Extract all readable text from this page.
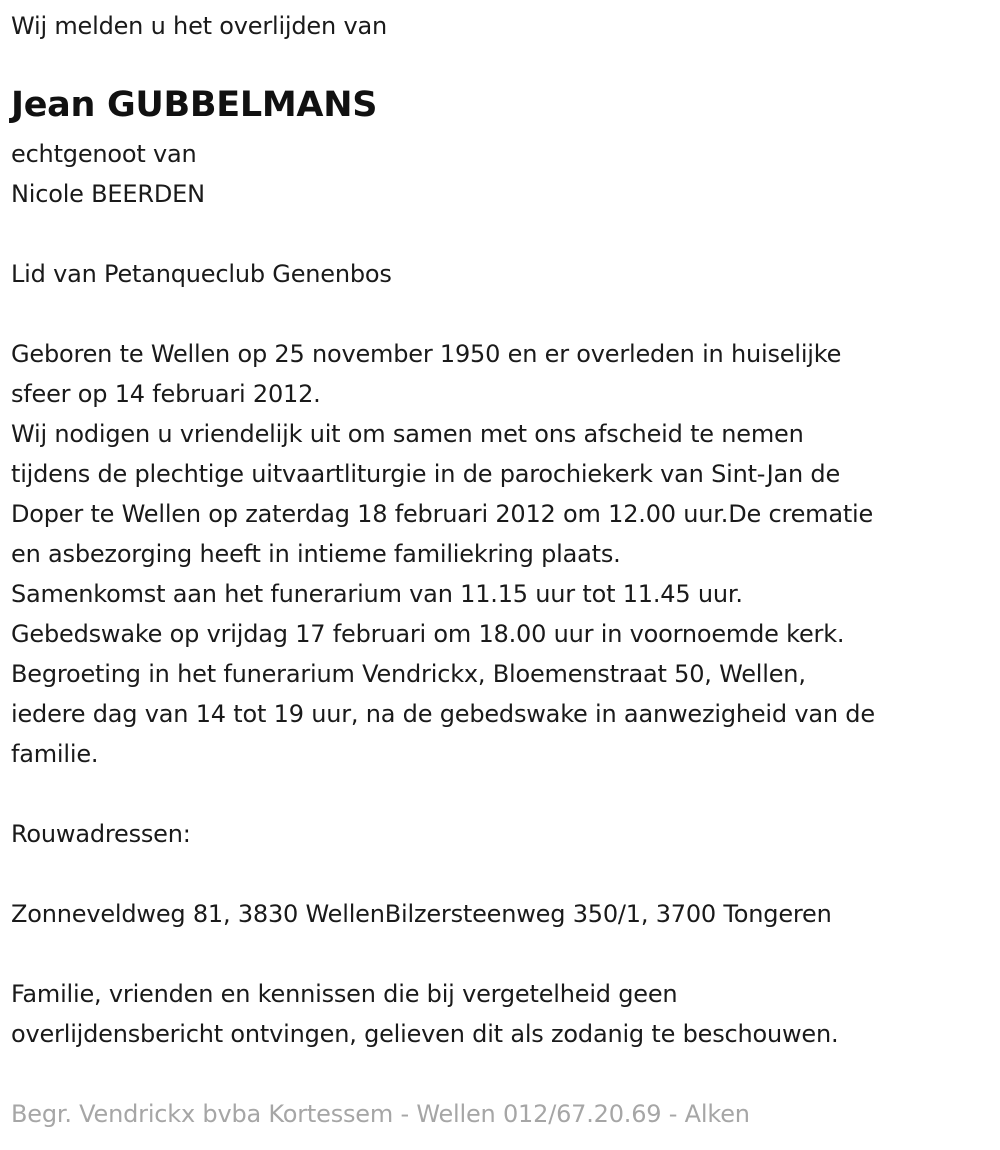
Wij melden u het overlijden van
Jean GUBBELMANS
echtgenoot van
Nicole BEERDEN
Lid van Petanqueclub Genenbos
Geboren te Wellen op 25 november 1950 en er overleden in huiselijke
sfeer op 14 februari 2012.
Wij nodigen u vriendelijk uit om samen met ons afscheid te nemen
tijdens de plechtige uitvaartliturgie in de parochiekerk van Sint-Jan de
Doper te Wellen op zaterdag 18 februari 2012 om 12.00 uur.De crematie
en asbezorging heeft in intieme familiekring plaats.
Samenkomst aan het funerarium van 11.15 uur tot 11.45 uur.
Gebedswake op vrijdag 17 februari om 18.00 uur in voornoemde kerk.
Begroeting in het funerarium Vendrickx, Bloemenstraat 50, Wellen,
iedere dag van 14 tot 19 uur, na de gebedswake in aanwezigheid van de
familie.
Rouwadressen:
Zonneveldweg 81, 3830 WellenBilzersteenweg 350/1, 3700 Tongeren
Familie, vrienden en kennissen die bij vergetelheid geen
overlijdensbericht ontvingen, gelieven dit als zodanig te beschouwen.
Begr. Vendrickx bvba Kortessem - Wellen 012/67.20.69 - Alken
